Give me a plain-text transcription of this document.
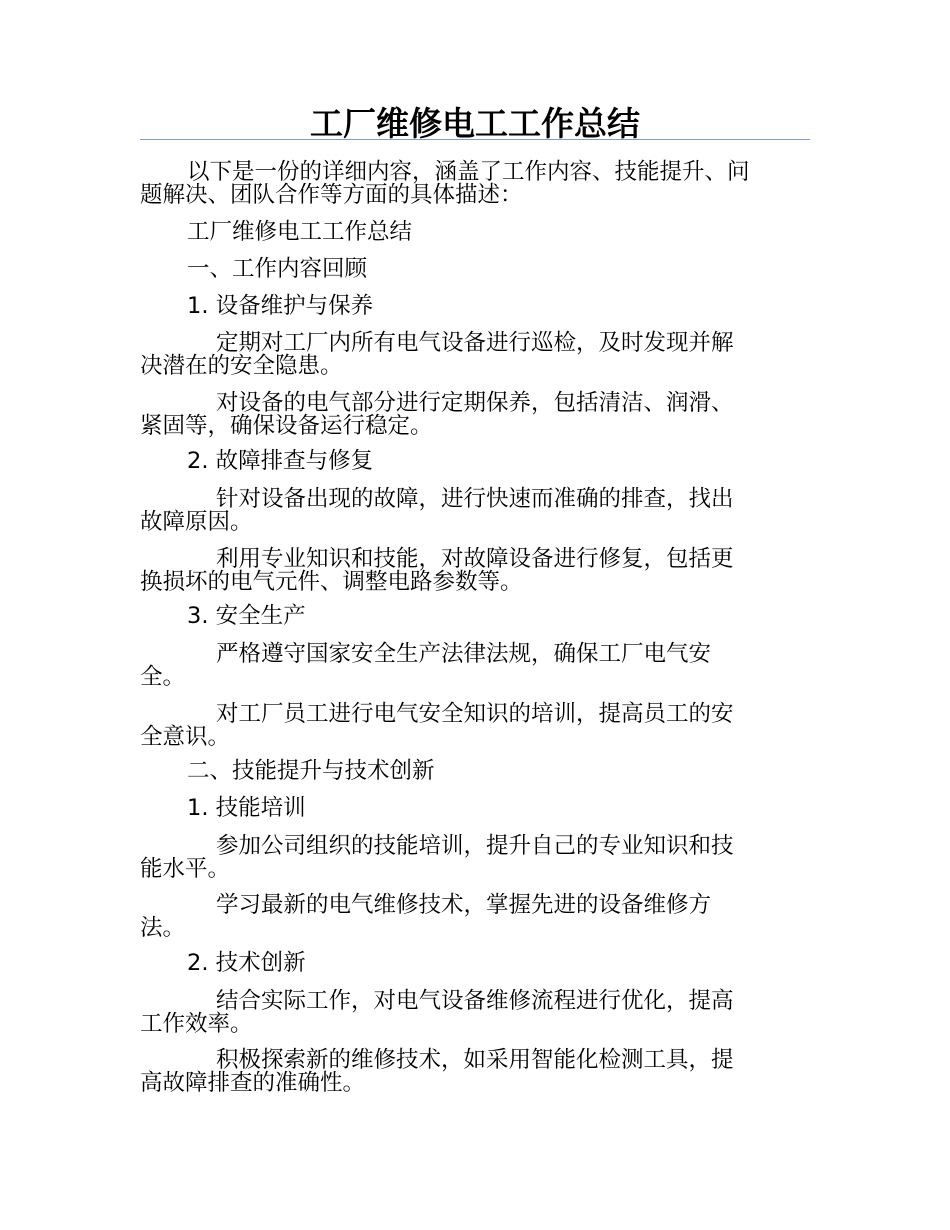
工厂维修电工工作总结

以下是一份的详细内容，涵盖了工作内容、技能提升、问

题解决、团队合作等方面的具体描述：

工厂维修电工工作总结

一、工作内容回顾

1. 设备维护与保养

定期对工厂内所有电气设备进行巡检，及时发现并解

决潜在的安全隐患。

对设备的电气部分进行定期保养，包括清洁、润滑、

紧固等，确保设备运行稳定。

2. 故障排查与修复

针对设备出现的故障，进行快速而准确的排查，找出

故障原因。

利用专业知识和技能，对故障设备进行修复，包括更

换损坏的电气元件、调整电路参数等。

3. 安全生产

严格遵守国家安全生产法律法规，确保工厂电气安

全。

对工厂员工进行电气安全知识的培训，提高员工的安

全意识。

二、技能提升与技术创新

1. 技能培训

参加公司组织的技能培训，提升自己的专业知识和技

能水平。

学习最新的电气维修技术，掌握先进的设备维修方

法。

2. 技术创新

结合实际工作，对电气设备维修流程进行优化，提高

工作效率。

积极探索新的维修技术，如采用智能化检测工具，提

高故障排查的准确性。
